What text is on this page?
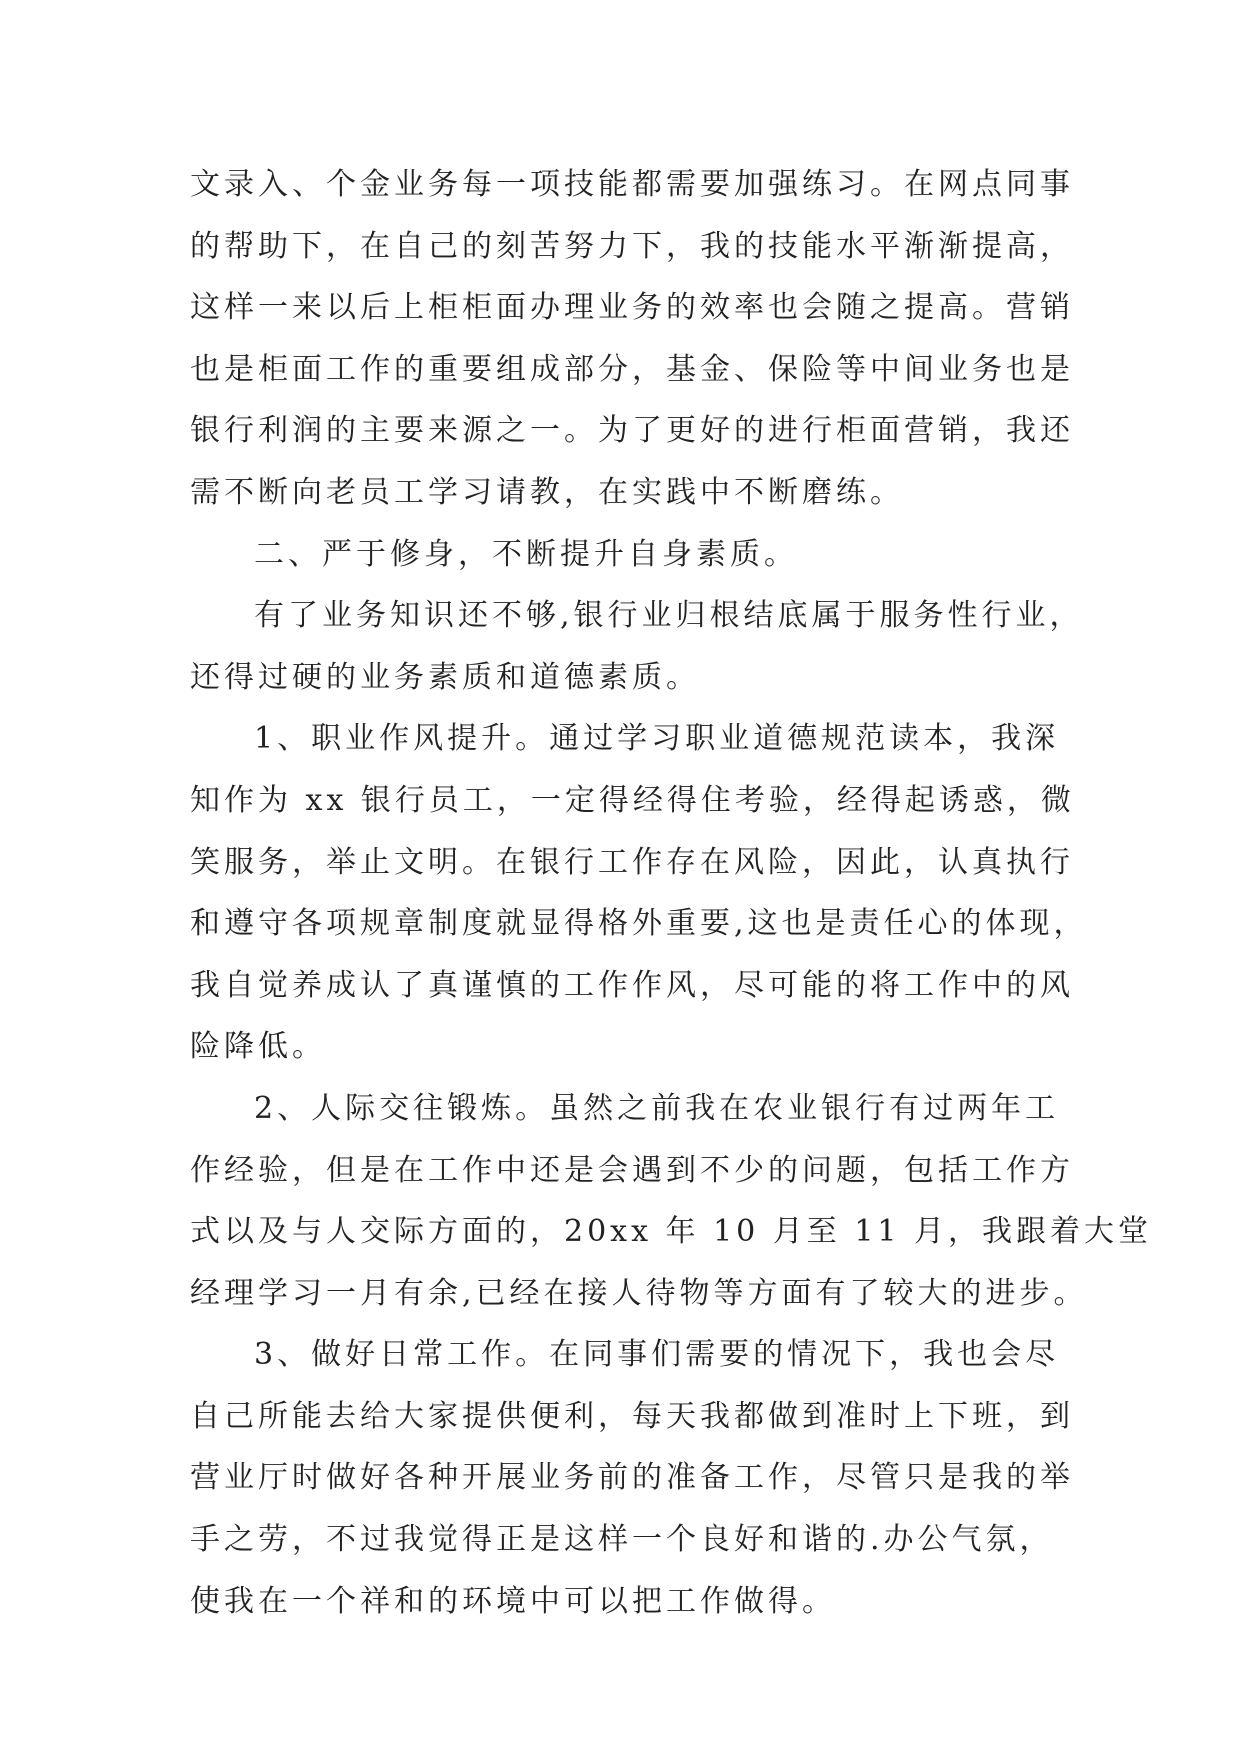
文录入、个金业务每一项技能都需要加强练习。在网点同事
的帮助下，在自己的刻苦努力下，我的技能水平渐渐提高，
这样一来以后上柜柜面办理业务的效率也会随之提高。营销
也是柜面工作的重要组成部分，基金、保险等中间业务也是
银行利润的主要来源之一。为了更好的进行柜面营销，我还
需不断向老员工学习请教，在实践中不断磨练。
二、严于修身，不断提升自身素质。
有了业务知识还不够,银行业归根结底属于服务性行业，
还得过硬的业务素质和道德素质。
1、职业作风提升。通过学习职业道德规范读本，我深
知作为 xx 银行员工，一定得经得住考验，经得起诱惑，微
笑服务，举止文明。在银行工作存在风险，因此，认真执行
和遵守各项规章制度就显得格外重要,这也是责任心的体现，
我自觉养成认了真谨慎的工作作风，尽可能的将工作中的风
险降低。
2、人际交往锻炼。虽然之前我在农业银行有过两年工
作经验，但是在工作中还是会遇到不少的问题，包括工作方
式以及与人交际方面的，20xx 年 10 月至 11 月，我跟着大堂
经理学习一月有余,已经在接人待物等方面有了较大的进步。
3、做好日常工作。在同事们需要的情况下，我也会尽
自己所能去给大家提供便利，每天我都做到准时上下班，到
营业厅时做好各种开展业务前的准备工作，尽管只是我的举
手之劳，不过我觉得正是这样一个良好和谐的.办公气氛，
使我在一个祥和的环境中可以把工作做得。
